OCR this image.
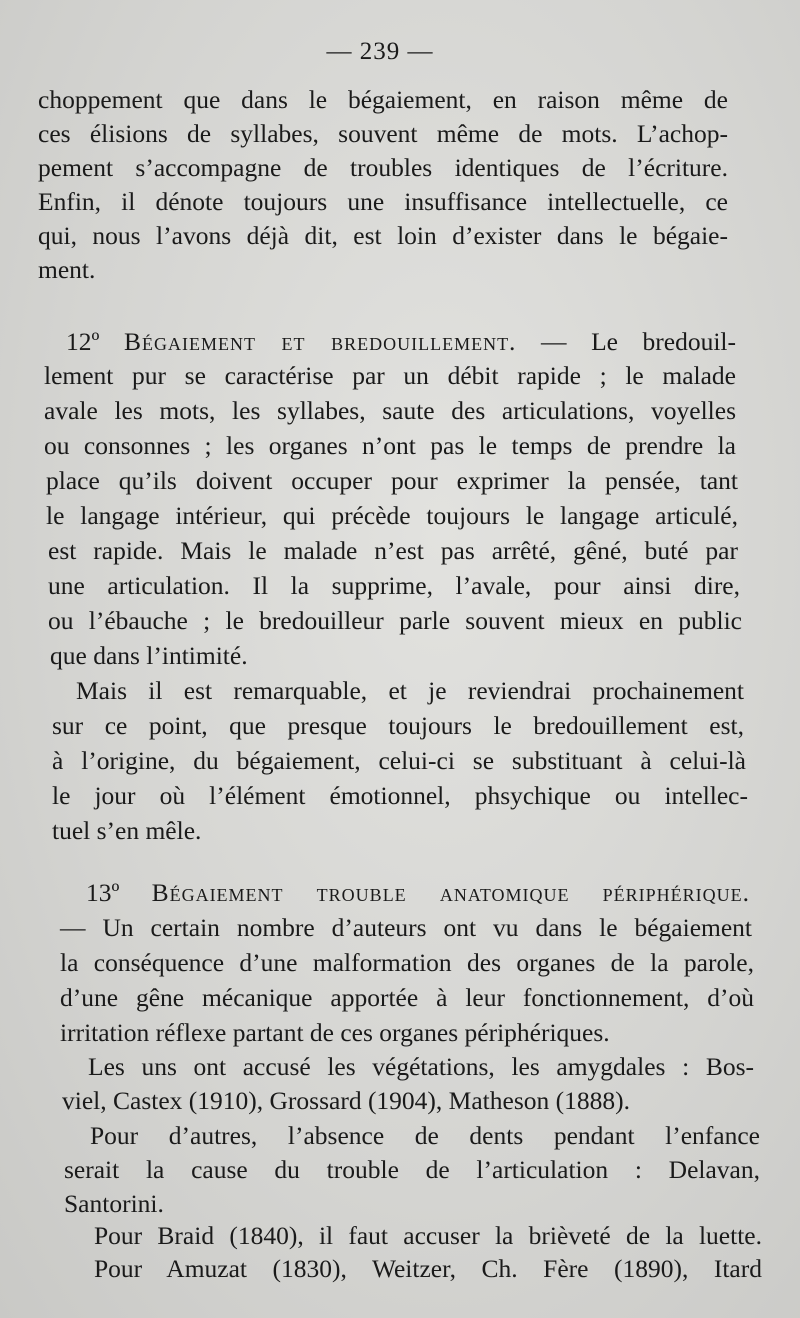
— 239 —
choppement que dans le bégaiement, en raison même de
ces élisions de syllabes, souvent même de mots. L’achop-
pement s’accompagne de troubles identiques de l’écriture.
Enfin, il dénote toujours une insuffisance intellectuelle, ce
qui, nous l’avons déjà dit, est loin d’exister dans le bégaie-
ment.
12º Bégaiement et bredouillement. — Le bredouil-
lement pur se caractérise par un débit rapide ; le malade
avale les mots, les syllabes, saute des articulations, voyelles
ou consonnes ; les organes n’ont pas le temps de prendre la
place qu’ils doivent occuper pour exprimer la pensée, tant
le langage intérieur, qui précède toujours le langage articulé,
est rapide. Mais le malade n’est pas arrêté, gêné, buté par
une articulation. Il la supprime, l’avale, pour ainsi dire,
ou l’ébauche ; le bredouilleur parle souvent mieux en public
que dans l’intimité.
Mais il est remarquable, et je reviendrai prochainement
sur ce point, que presque toujours le bredouillement est,
à l’origine, du bégaiement, celui-ci se substituant à celui-là
le jour où l’élément émotionnel, phsychique ou intellec-
tuel s’en mêle.
13º Bégaiement trouble anatomique périphérique.
— Un certain nombre d’auteurs ont vu dans le bégaiement
la conséquence d’une malformation des organes de la parole,
d’une gêne mécanique apportée à leur fonctionnement, d’où
irritation réflexe partant de ces organes périphériques.
Les uns ont accusé les végétations, les amygdales : Bos-
viel, Castex (1910), Grossard (1904), Matheson (1888).
Pour d’autres, l’absence de dents pendant l’enfance
serait la cause du trouble de l’articulation : Delavan,
Santorini.
Pour Braid (1840), il faut accuser la brièveté de la luette.
Pour Amuzat (1830), Weitzer, Ch. Fère (1890), Itard
